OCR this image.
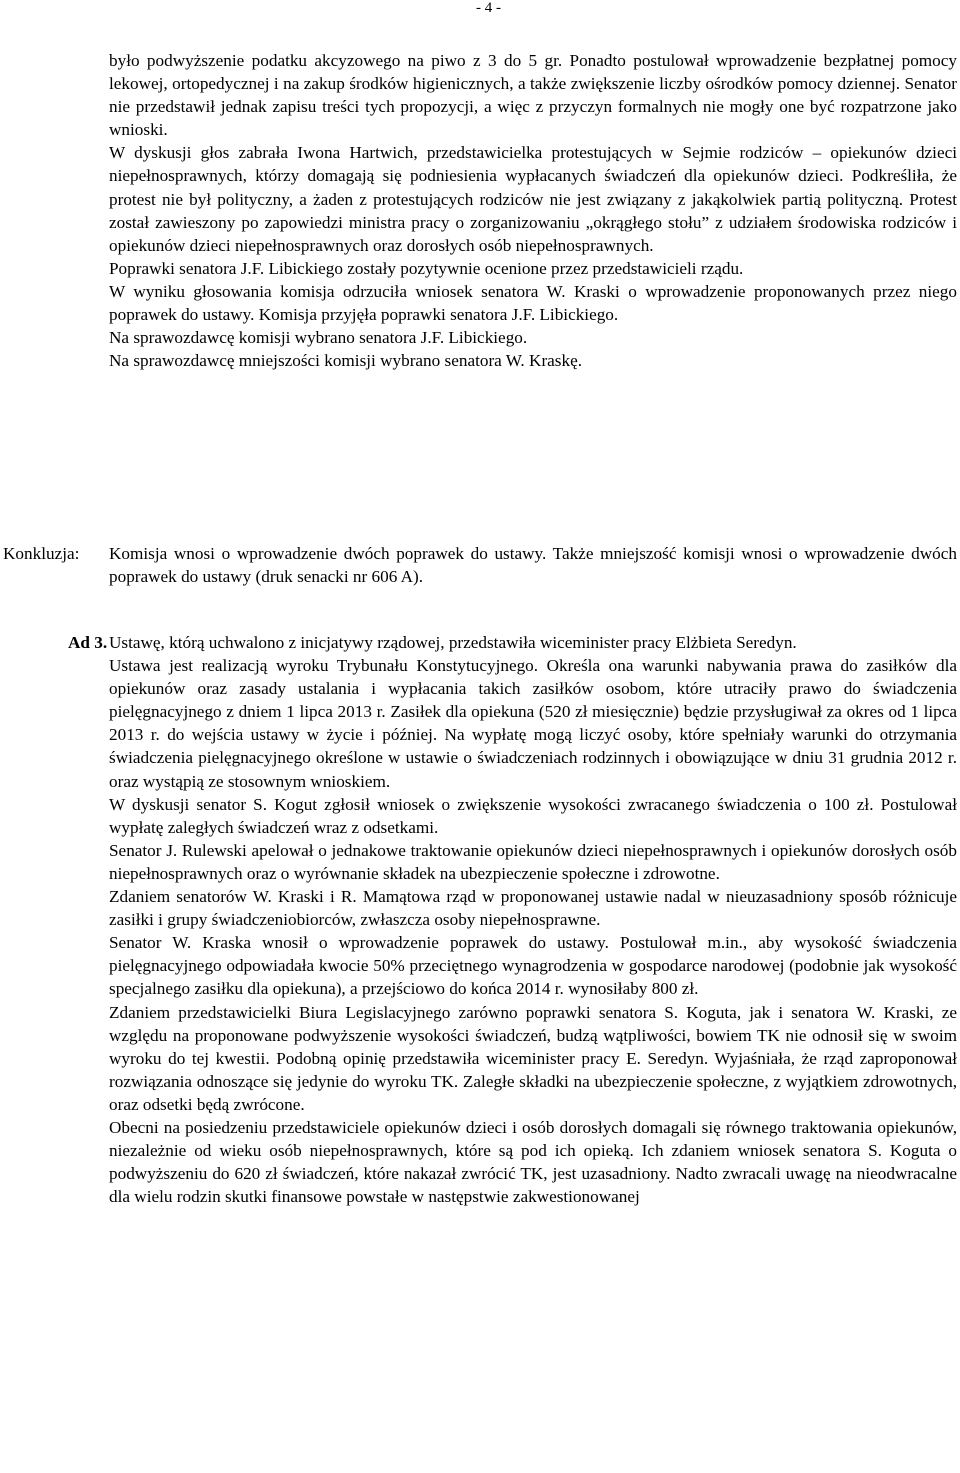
- 4 -

było podwyższenie podatku akcyzowego na piwo z 3 do 5 gr. Ponadto postulował wprowadzenie bezpłatnej pomocy lekowej, ortopedycznej i na zakup środków higienicznych, a także zwiększenie liczby ośrodków pomocy dziennej. Senator nie przedstawił jednak zapisu treści tych propozycji, a więc z przyczyn formalnych nie mogły one być rozpatrzone jako wnioski.

W dyskusji głos zabrała Iwona Hartwich, przedstawicielka protestujących w Sejmie rodziców – opiekunów dzieci niepełnosprawnych, którzy domagają się podniesienia wypłacanych świadczeń dla opiekunów dzieci. Podkreśliła, że protest nie był polityczny, a żaden z protestujących rodziców nie jest związany z jakąkolwiek partią polityczną. Protest został zawieszony po zapowiedzi ministra pracy o zorganizowaniu „okrągłego stołu” z udziałem środowiska rodziców i opiekunów dzieci niepełnosprawnych oraz dorosłych osób niepełnosprawnych.

Poprawki senatora J.F. Libickiego zostały pozytywnie ocenione przez przedstawicieli rządu.

W wyniku głosowania komisja odrzuciła wniosek senatora W. Kraski o wprowadzenie proponowanych przez niego poprawek do ustawy. Komisja przyjęła poprawki senatora J.F. Libickiego.

Na sprawozdawcę komisji wybrano senatora J.F. Libickiego.

Na sprawozdawcę mniejszości komisji wybrano senatora W. Kraskę.

Konkluzja: Komisja wnosi o wprowadzenie dwóch poprawek do ustawy. Także mniejszość komisji wnosi o wprowadzenie dwóch poprawek do ustawy (druk senacki nr 606 A).
Ad 3. Ustawę, którą uchwalono z inicjatywy rządowej, przedstawiła wiceminister pracy Elżbieta Seredyn.

Ustawa jest realizacją wyroku Trybunału Konstytucyjnego. Określa ona warunki nabywania prawa do zasiłków dla opiekunów oraz zasady ustalania i wypłacania takich zasiłków osobom, które utraciły prawo do świadczenia pielęgnacyjnego z dniem 1 lipca 2013 r. Zasiłek dla opiekuna (520 zł miesięcznie) będzie przysługiwał za okres od 1 lipca 2013 r. do wejścia ustawy w życie i później. Na wypłatę mogą liczyć osoby, które spełniały warunki do otrzymania świadczenia pielęgnacyjnego określone w ustawie o świadczeniach rodzinnych i obowiązujące w dniu 31 grudnia 2012 r. oraz wystąpią ze stosownym wnioskiem.

W dyskusji senator S. Kogut zgłosił wniosek o zwiększenie wysokości zwracanego świadczenia o 100 zł. Postulował wypłatę zaległych świadczeń wraz z odsetkami.

Senator J. Rulewski apelował o jednakowe traktowanie opiekunów dzieci niepełnosprawnych i opiekunów dorosłych osób niepełnosprawnych oraz o wyrównanie składek na ubezpieczenie społeczne i zdrowotne.

Zdaniem senatorów W. Kraski i R. Mamątowa rząd w proponowanej ustawie nadal w nieuzasadniony sposób różnicuje zasiłki i grupy świadczeniobiorców, zwłaszcza osoby niepełnosprawne.

Senator W. Kraska wnosił o wprowadzenie poprawek do ustawy. Postulował m.in., aby wysokość świadczenia pielęgnacyjnego odpowiadała kwocie 50% przeciętnego wynagrodzenia w gospodarce narodowej (podobnie jak wysokość specjalnego zasiłku dla opiekuna), a przejściowo do końca 2014 r. wynosiłaby 800 zł.

Zdaniem przedstawicielki Biura Legislacyjnego zarówno poprawki senatora S. Koguta, jak i senatora W. Kraski, ze względu na proponowane podwyższenie wysokości świadczeń, budzą wątpliwości, bowiem TK nie odnosił się w swoim wyroku do tej kwestii. Podobną opinię przedstawiła wiceminister pracy E. Seredyn. Wyjaśniała, że rząd zaproponował rozwiązania odnoszące się jedynie do wyroku TK. Zaległe składki na ubezpieczenie społeczne, z wyjątkiem zdrowotnych, oraz odsetki będą zwrócone.

Obecni na posiedzeniu przedstawiciele opiekunów dzieci i osób dorosłych domagali się równego traktowania opiekunów, niezależnie od wieku osób niepełnosprawnych, które są pod ich opieką. Ich zdaniem wniosek senatora S. Koguta o podwyższeniu do 620 zł świadczeń, które nakazał zwrócić TK, jest uzasadniony. Nadto zwracali uwagę na nieodwracalne dla wielu rodzin skutki finansowe powstałe w następstwie zakwestionowanej
